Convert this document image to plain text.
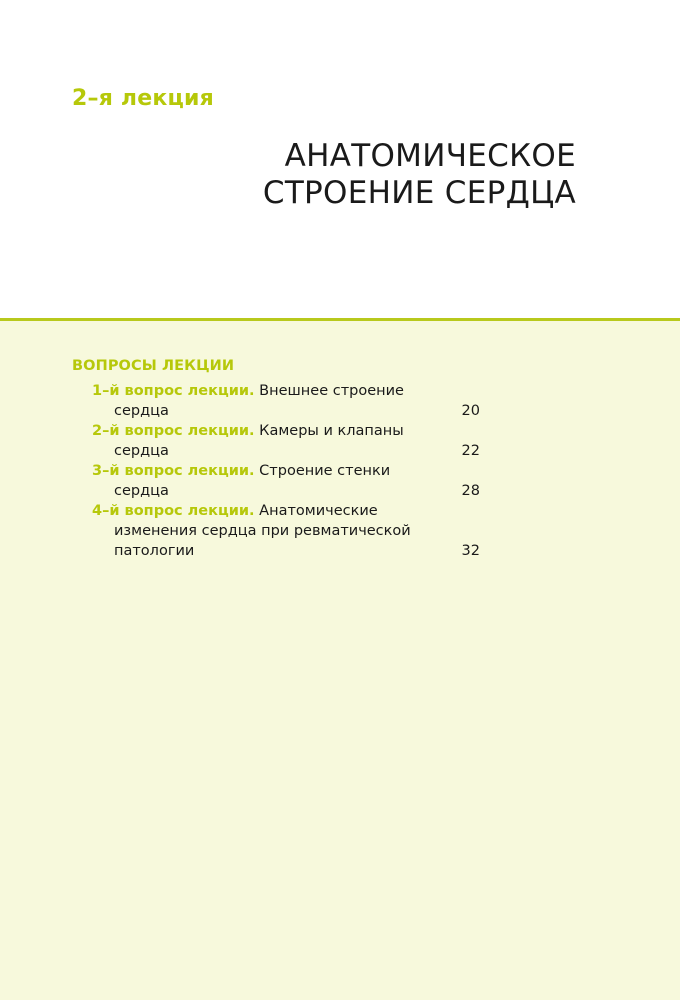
2–я лекция
АНАТОМИЧЕСКОЕ
СТРОЕНИЕ СЕРДЦА
ВОПРОСЫ ЛЕКЦИИ

1–й вопрос лекции. Внешнее строение сердца	20

2–й вопрос лекции. Камеры и клапаны сердца	22

3–й вопрос лекции. Строение стенки сердца	28

4–й вопрос лекции. Анатомические изменения сердца при ревматической патологии	32
